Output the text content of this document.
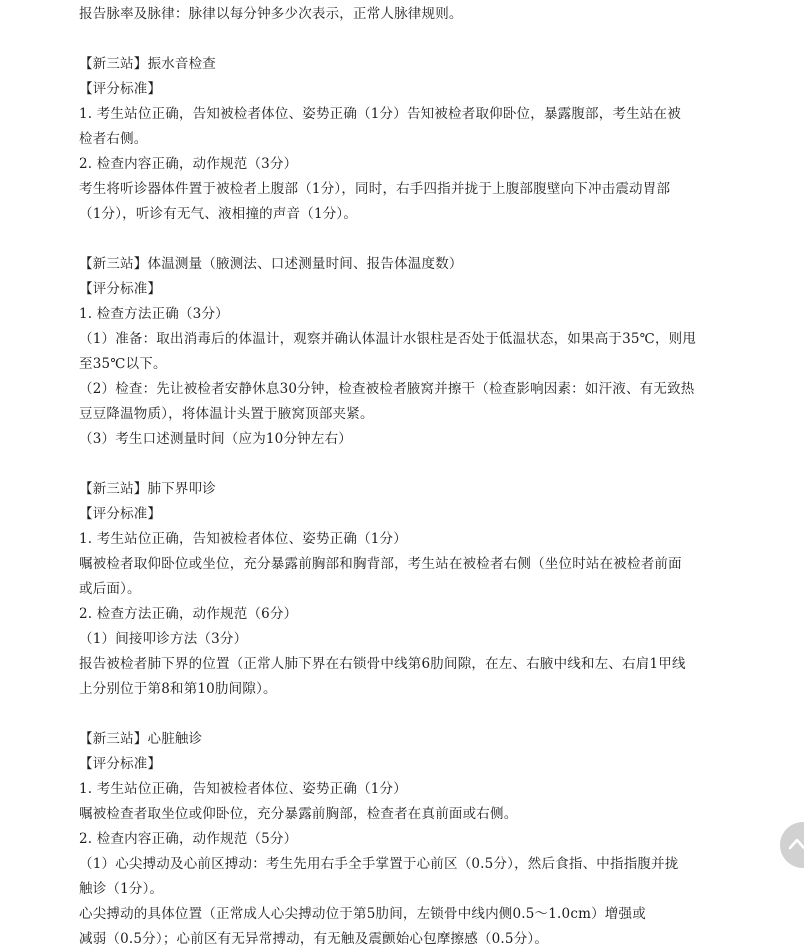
报告脉率及脉律：脉律以每分钟多少次表示，正常人脉律规则。
【新三站】振水音检查
【评分标准】
1. 考生站位正确，告知被检者体位、姿势正确（1分）告知被检者取仰卧位，暴露腹部，考生站在被
检者右侧。
2. 检查内容正确，动作规范（3分）
考生将听诊器体件置于被检者上腹部（1分），同时，右手四指并拢于上腹部腹壁向下冲击震动胃部
（1分），听诊有无气、液相撞的声音（1分）。
【新三站】体温测量（腋测法、口述测量时间、报告体温度数）
【评分标准】
1. 检查方法正确（3分）
（1）准备：取出消毒后的体温计，观察并确认体温计水银柱是否处于低温状态，如果高于35℃，则甩
至35℃以下。
（2）检查：先让被检者安静休息30分钟，检查被检者腋窝并擦干（检查影响因素：如汗液、有无致热
豆豆降温物质），将体温计头置于腋窝顶部夹紧。
（3）考生口述测量时间（应为10分钟左右）
【新三站】肺下界叩诊
【评分标准】
1. 考生站位正确，告知被检者体位、姿势正确（1分）
嘱被检者取仰卧位或坐位，充分暴露前胸部和胸背部，考生站在被检者右侧（坐位时站在被检者前面
或后面）。
2. 检查方法正确，动作规范（6分）
（1）间接叩诊方法（3分）
报告被检者肺下界的位置（正常人肺下界在右锁骨中线第6肋间隙，在左、右腋中线和左、右肩1甲线
上分别位于第8和第10肋间隙）。
【新三站】心脏触诊
【评分标准】
1. 考生站位正确，告知被检者体位、姿势正确（1分）
嘱被检查者取坐位或仰卧位，充分暴露前胸部，检查者在真前面或右侧。
2. 检查内容正确，动作规范（5分）
（1）心尖搏动及心前区搏动：考生先用右手全手掌置于心前区（0.5分），然后食指、中指指腹并拢
触诊（1分）。
心尖搏动的具体位置（正常成人心尖搏动位于第5肋间，左锁骨中线内侧0.5～1.0cm）增强或
减弱（0.5分）；心前区有无异常搏动，有无触及震颤始心包摩擦感（0.5分）。
